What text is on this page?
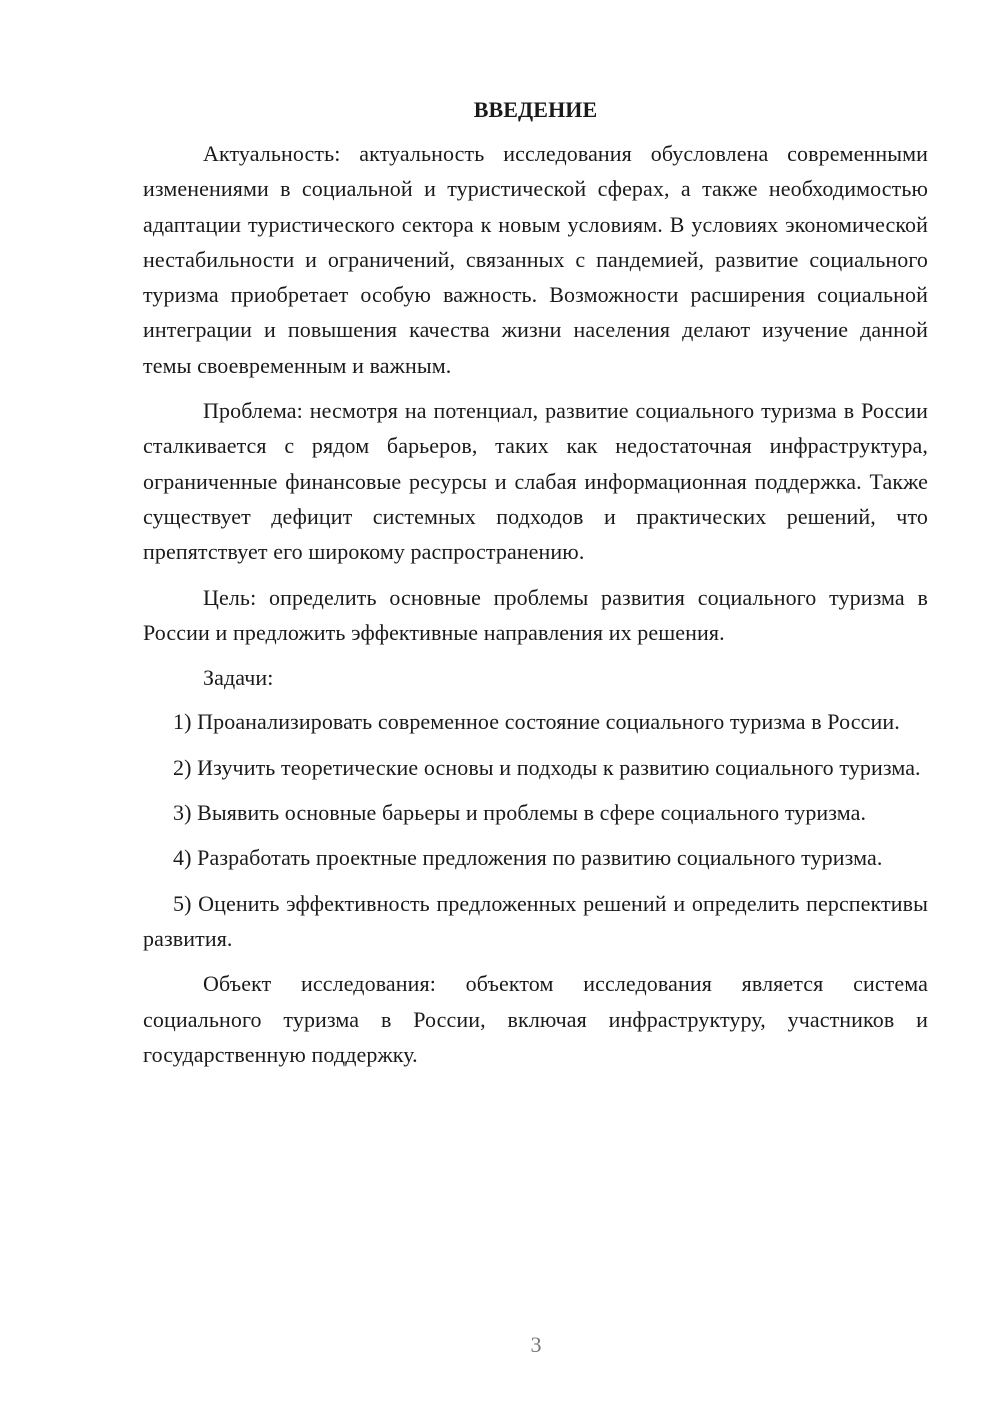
ВВЕДЕНИЕ

Актуальность: актуальность исследования обусловлена современными изменениями в социальной и туристической сферах, а также необходимостью адаптации туристического сектора к новым условиям. В условиях экономической нестабильности и ограничений, связанных с пандемией, развитие социального туризма приобретает особую важность. Возможности расширения социальной интеграции и повышения качества жизни населения делают изучение данной темы своевременным и важным.

Проблема: несмотря на потенциал, развитие социального туризма в России сталкивается с рядом барьеров, таких как недостаточная инфраструктура, ограниченные финансовые ресурсы и слабая информационная поддержка. Также существует дефицит системных подходов и практических решений, что препятствует его широкому распространению.

Цель: определить основные проблемы развития социального туризма в России и предложить эффективные направления их решения.

Задачи:

1) Проанализировать современное состояние социального туризма в России.

2) Изучить теоретические основы и подходы к развитию социального туризма.

3) Выявить основные барьеры и проблемы в сфере социального туризма.

4) Разработать проектные предложения по развитию социального туризма.

5) Оценить эффективность предложенных решений и определить перспективы развития.

Объект исследования: объектом исследования является система социального туризма в России, включая инфраструктуру, участников и государственную поддержку.

3
